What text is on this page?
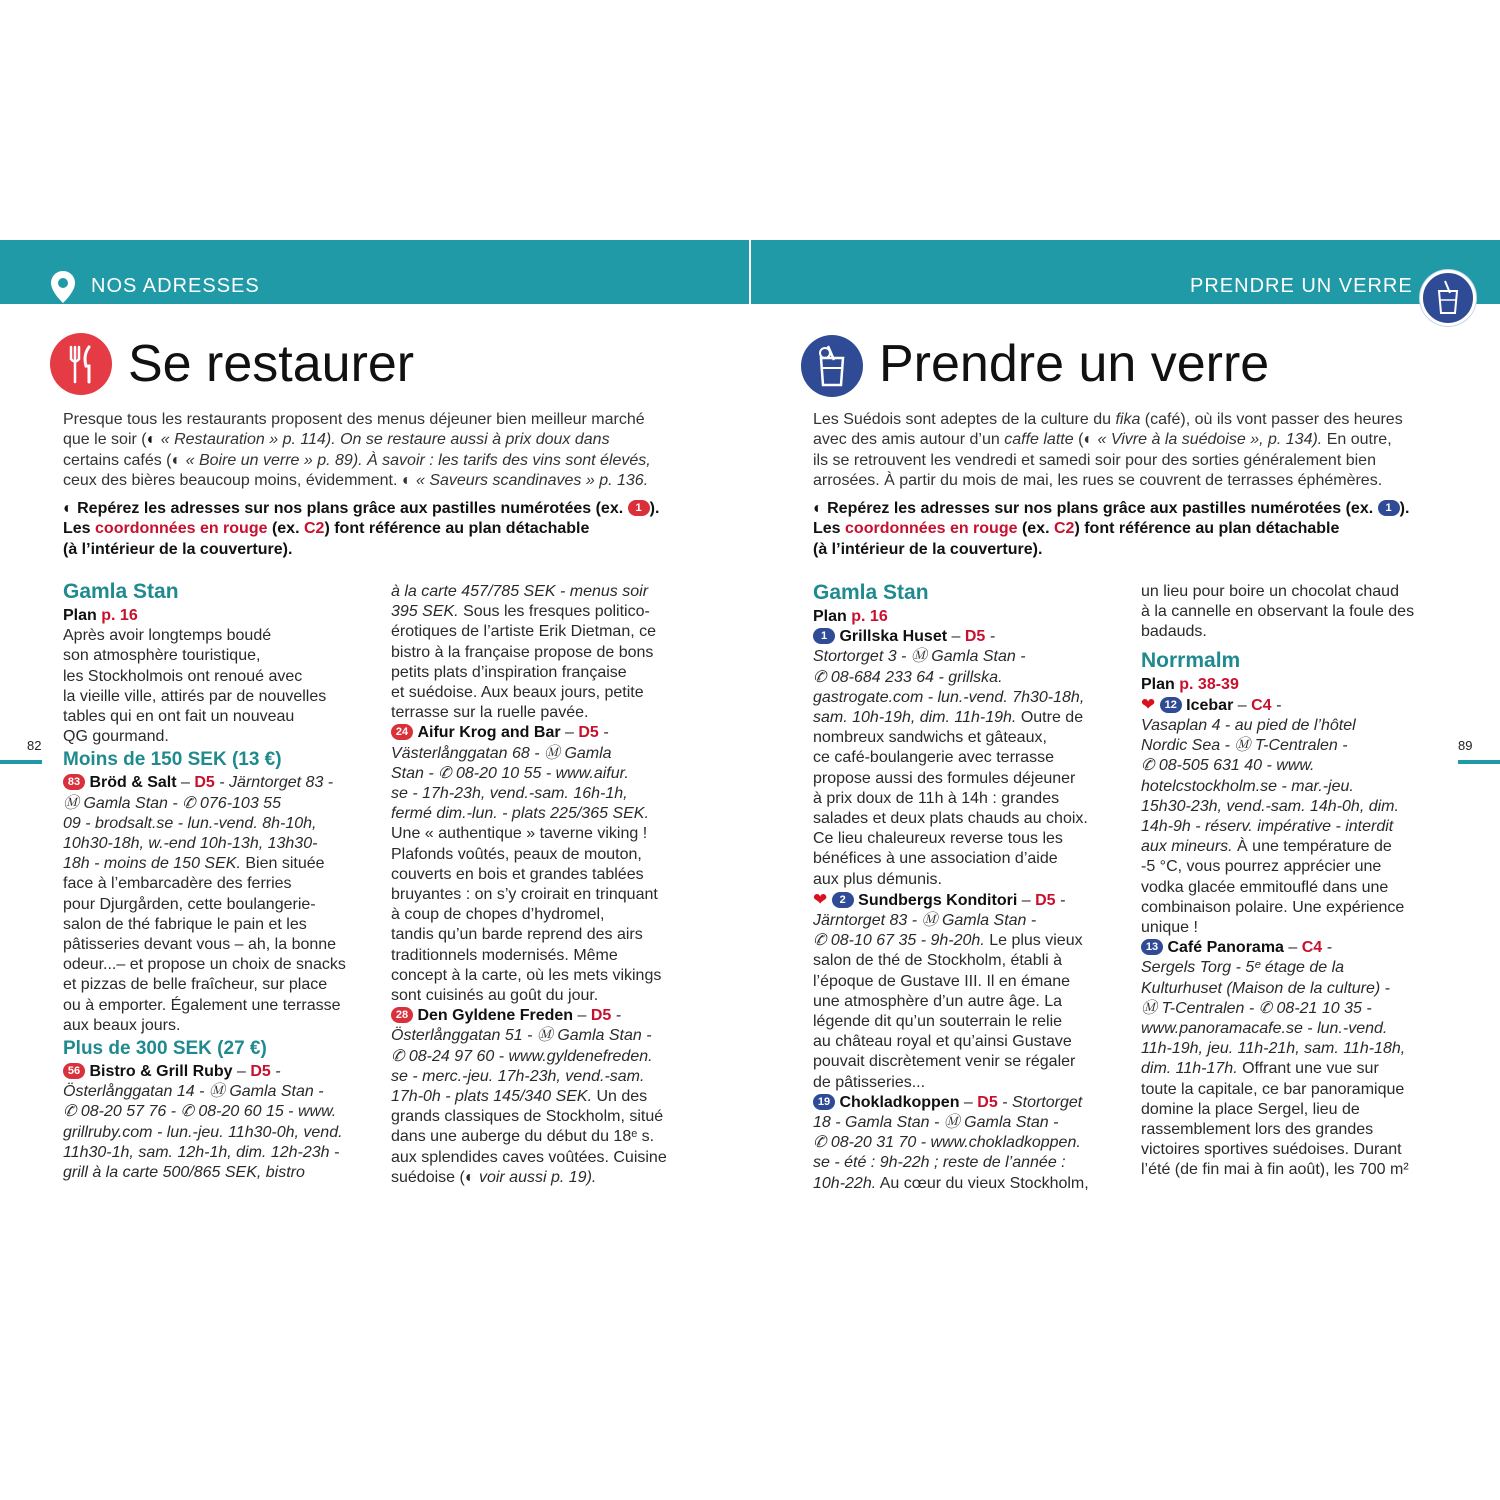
NOS ADRESSES	PRENDRE UN VERRE
82	89
Se restaurer
Presque tous les restaurants proposent des menus déjeuner bien meilleur marché
que le soir (◐ « Restauration » p. 114). On se restaure aussi à prix doux dans
certains cafés (◐ « Boire un verre » p. 89). À savoir : les tarifs des vins sont élevés,
ceux des bières beaucoup moins, évidemment. ◐ « Saveurs scandinaves » p. 136.
◐ Repérez les adresses sur nos plans grâce aux pastilles numérotées (ex. 1 ).
Les coordonnées en rouge (ex. C2) font référence au plan détachable
(à l’intérieur de la couverture).
Gamla Stan
Plan p. 16

Après avoir longtemps boudé
son atmosphère touristique,
les Stockholmois ont renoué avec
la vieille ville, attirés par de nouvelles
tables qui en ont fait un nouveau
QG gourmand.

Moins de 150 SEK (13 €)

83 Bröd & Salt – D5 - Järntorget 83 -
Ⓜ Gamla Stan - ✆ 076-103 55
09 - brodsalt.se - lun.-vend. 8h-10h,
10h30-18h, w.-end 10h-13h, 13h30-
18h - moins de 150 SEK. Bien située
face à l’embarcadère des ferries
pour Djurgården, cette boulangerie-
salon de thé fabrique le pain et les
pâtisseries devant vous – ah, la bonne
odeur...– et propose un choix de snacks
et pizzas de belle fraîcheur, sur place
ou à emporter. Également une terrasse
aux beaux jours.

Plus de 300 SEK (27 €)

56 Bistro & Grill Ruby – D5 -
Österlånggatan 14 - Ⓜ Gamla Stan -
✆ 08-20 57 76 - ✆ 08-20 60 15 - www.
grillruby.com - lun.-jeu. 11h30-0h, vend.
11h30-1h, sam. 12h-1h, dim. 12h-23h -
grill à la carte 500/865 SEK, bistro

à la carte 457/785 SEK - menus soir
395 SEK. Sous les fresques politico-
érotiques de l’artiste Erik Dietman, ce
bistro à la française propose de bons
petits plats d’inspiration française
et suédoise. Aux beaux jours, petite
terrasse sur la ruelle pavée.

24 Aifur Krog and Bar – D5 -
Västerlånggatan 68 - Ⓜ Gamla
Stan - ✆ 08-20 10 55 - www.aifur.
se - 17h-23h, vend.-sam. 16h-1h,
fermé dim.-lun. - plats 225/365 SEK.
Une « authentique » taverne viking !
Plafonds voûtés, peaux de mouton,
couverts en bois et grandes tablées
bruyantes : on s’y croirait en trinquant
à coup de chopes d’hydromel,
tandis qu’un barde reprend des airs
traditionnels modernisés. Même
concept à la carte, où les mets vikings
sont cuisinés au goût du jour.

28 Den Gyldene Freden – D5 -
Österlånggatan 51 - Ⓜ Gamla Stan -
✆ 08-24 97 60 - www.gyldenefreden.
se - merc.-jeu. 17h-23h, vend.-sam.
17h-0h - plats 145/340 SEK. Un des
grands classiques de Stockholm, situé
dans une auberge du début du 18ᵉ s.
aux splendides caves voûtées. Cuisine
suédoise (◐ voir aussi p. 19).

Prendre un verre
Les Suédois sont adeptes de la culture du fika (café), où ils vont passer des heures
avec des amis autour d’un caffe latte (◐ « Vivre à la suédoise », p. 134). En outre,
ils se retrouvent les vendredi et samedi soir pour des sorties généralement bien
arrosées. À partir du mois de mai, les rues se couvrent de terrasses éphémères.
◐ Repérez les adresses sur nos plans grâce aux pastilles numérotées (ex. 1 ).
Les coordonnées en rouge (ex. C2) font référence au plan détachable
(à l’intérieur de la couverture).
Gamla Stan
Plan p. 16

1 Grillska Huset – D5 -
Stortorget 3 - Ⓜ Gamla Stan -
✆ 08-684 233 64 - grillska.
gastrogate.com - lun.-vend. 7h30-18h,
sam. 10h-19h, dim. 11h-19h. Outre de
nombreux sandwichs et gâteaux,
ce café-boulangerie avec terrasse
propose aussi des formules déjeuner
à prix doux de 11h à 14h : grandes
salades et deux plats chauds au choix.
Ce lieu chaleureux reverse tous les
bénéfices à une association d’aide
aux plus démunis.

❤ 2 Sundbergs Konditori – D5 -
Järntorget 83 - Ⓜ Gamla Stan -
✆ 08-10 67 35 - 9h-20h. Le plus vieux
salon de thé de Stockholm, établi à
l’époque de Gustave III. Il en émane
une atmosphère d’un autre âge. La
légende dit qu’un souterrain le relie
au château royal et qu’ainsi Gustave
pouvait discrètement venir se régaler
de pâtisseries...

19 Chokladkoppen – D5 - Stortorget
18 - Gamla Stan - Ⓜ Gamla Stan -
✆ 08-20 31 70 - www.chokladkoppen.
se - été : 9h-22h ; reste de l’année :
10h-22h. Au cœur du vieux Stockholm,

un lieu pour boire un chocolat chaud
à la cannelle en observant la foule des
badauds.

Norrmalm
Plan p. 38-39

❤ 12 Icebar – C4 -
Vasaplan 4 - au pied de l’hôtel
Nordic Sea - Ⓜ T-Centralen -
✆ 08-505 631 40 - www.
hotelcstockholm.se - mar.-jeu.
15h30-23h, vend.-sam. 14h-0h, dim.
14h-9h - réserv. impérative - interdit
aux mineurs. À une température de
-5 °C, vous pourrez apprécier une
vodka glacée emmitouflé dans une
combinaison polaire. Une expérience
unique !

13 Café Panorama – C4 -
Sergels Torg - 5ᵉ étage de la
Kulturhuset (Maison de la culture) -
Ⓜ T-Centralen - ✆ 08-21 10 35 -
www.panoramacafe.se - lun.-vend.
11h-19h, jeu. 11h-21h, sam. 11h-18h,
dim. 11h-17h. Offrant une vue sur
toute la capitale, ce bar panoramique
domine la place Sergel, lieu de
rassemblement lors des grandes
victoires sportives suédoises. Durant
l’été (de fin mai à fin août), les 700 m²
